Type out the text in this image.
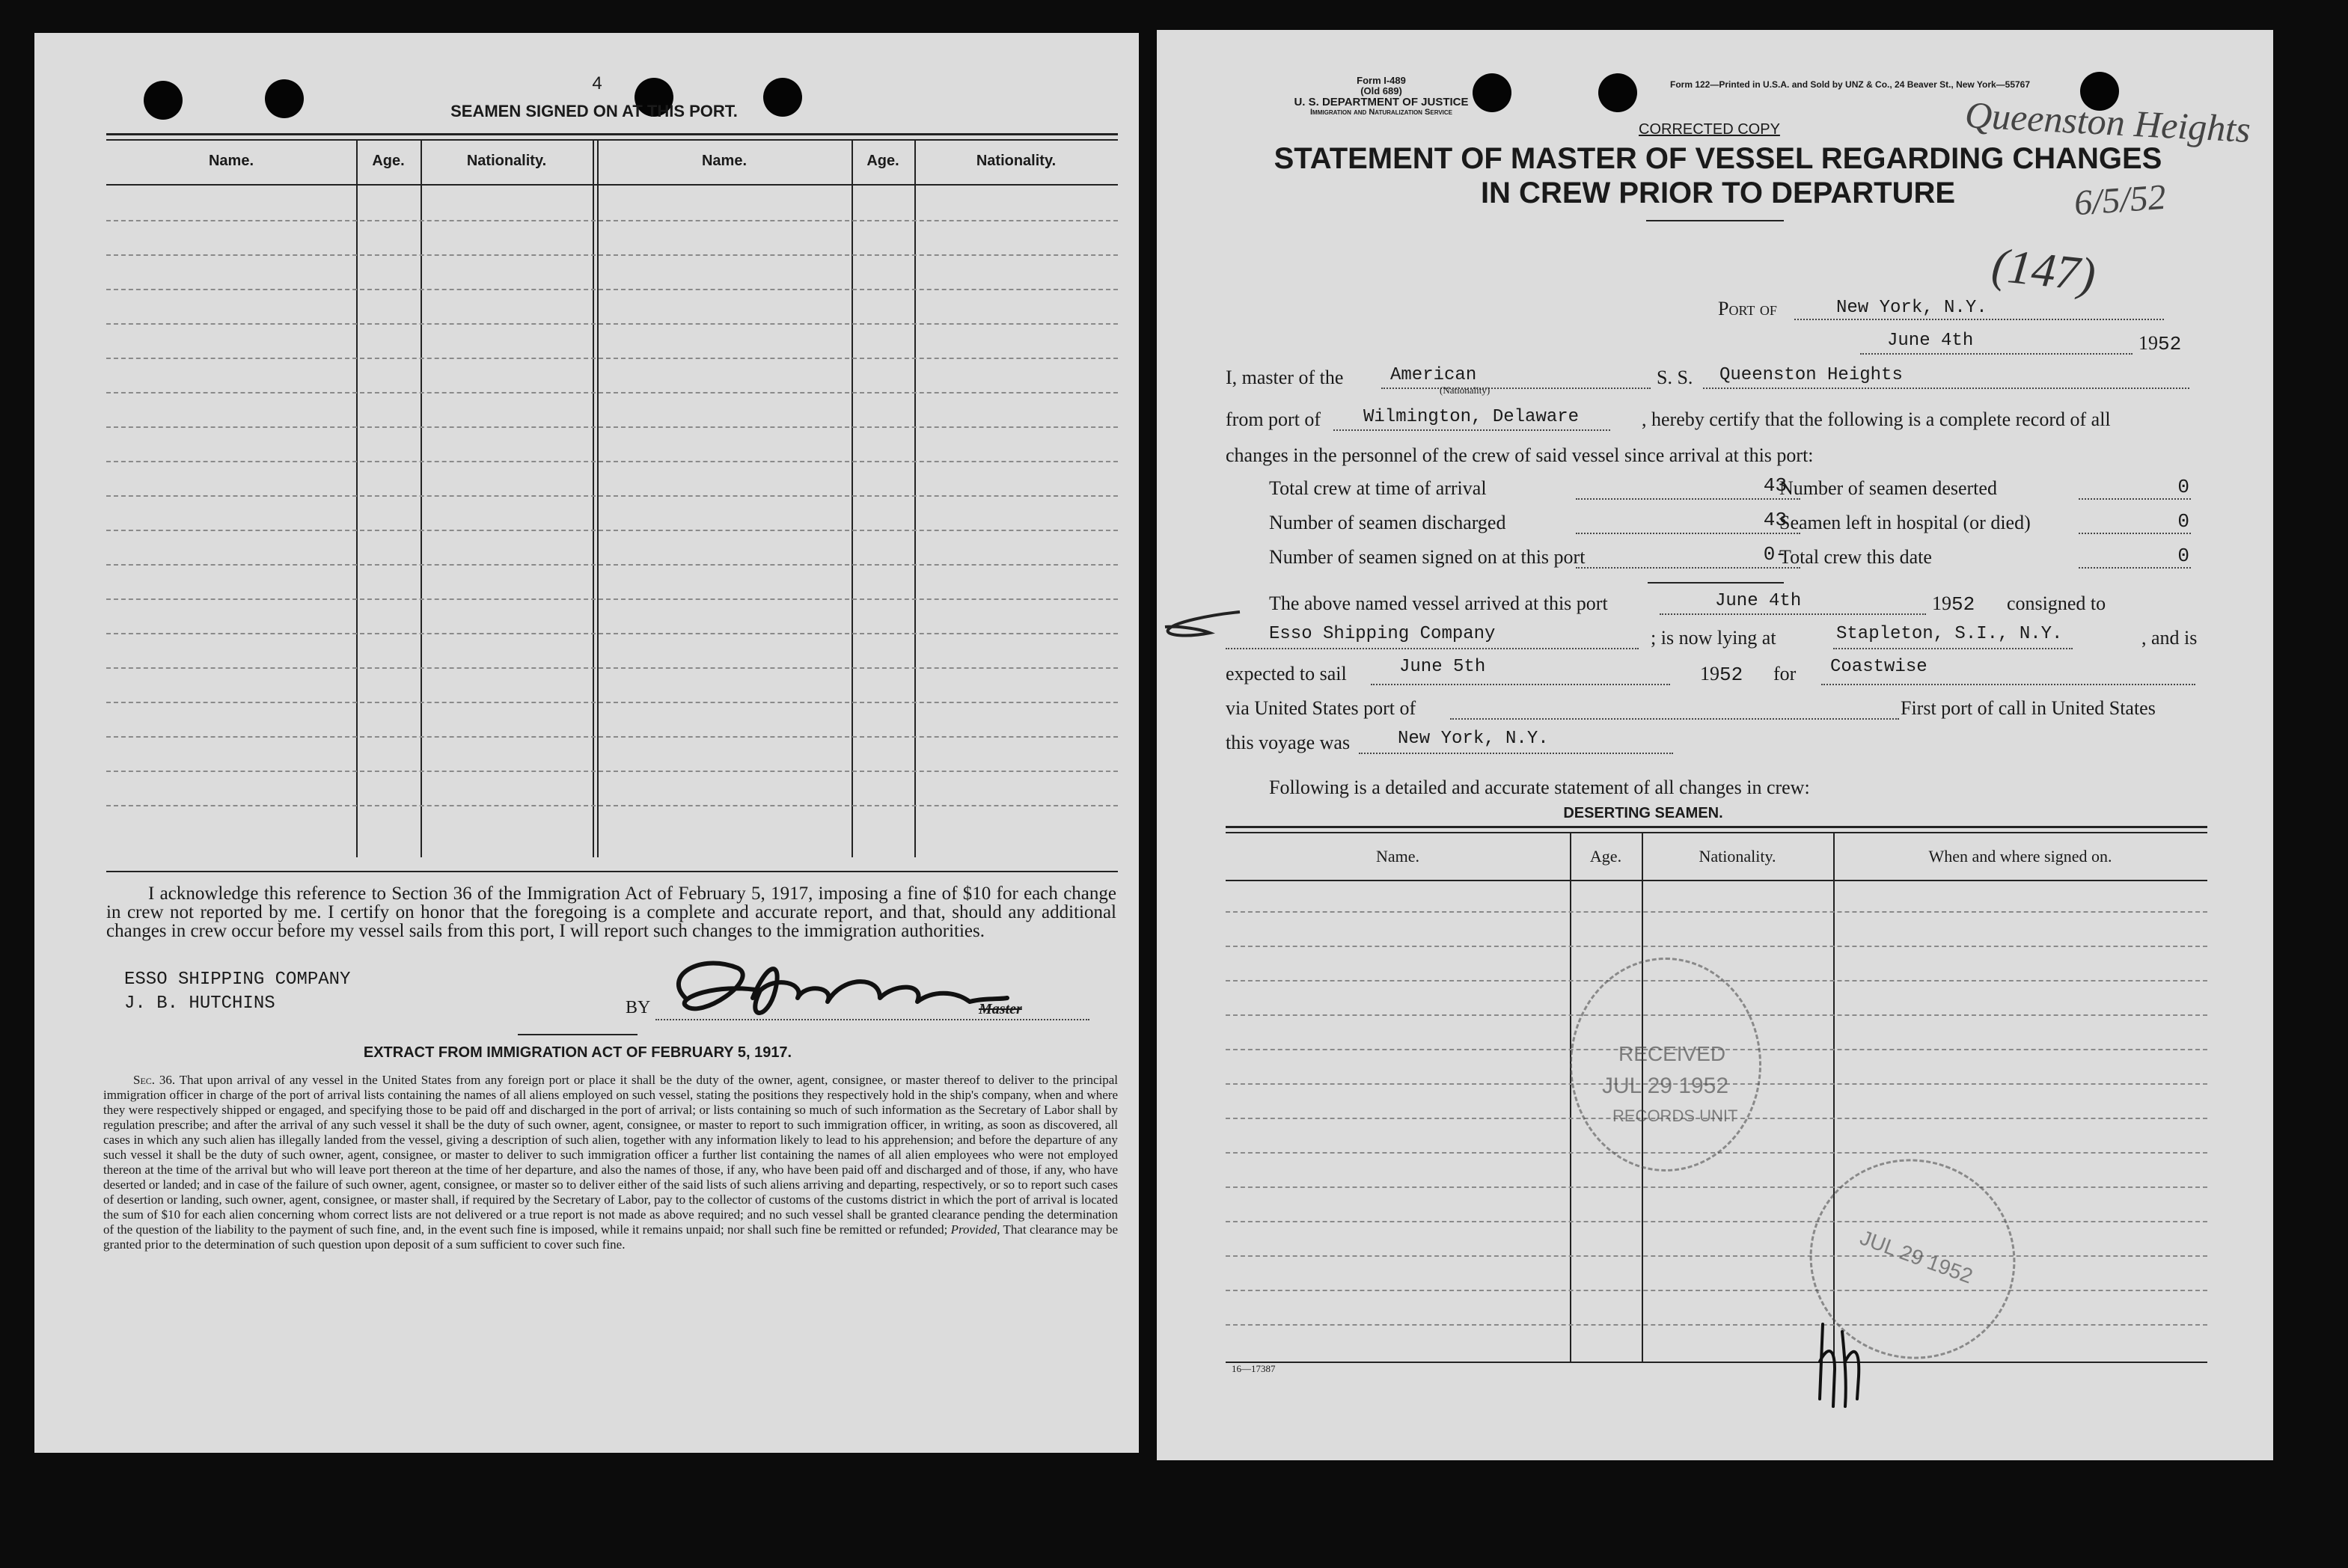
4
SEAMEN SIGNED ON AT THIS PORT.
Name.	Age.	Nationality.	Name.	Age.	Nationality.
I acknowledge this reference to Section 36 of the Immigration Act of February 5, 1917, imposing a fine of $10 for each change in crew not reported by me. I certify on honor that the foregoing is a complete and accurate report, and that, should any additional changes in crew occur before my vessel sails from this port, I will report such changes to the immigration authorities.
ESSO SHIPPING COMPANY
J. B. HUTCHINS	BY	Master
EXTRACT FROM IMMIGRATION ACT OF FEBRUARY 5, 1917.
Sec. 36. That upon arrival of any vessel in the United States from any foreign port or place it shall be the duty of the owner, agent, consignee, or master thereof to deliver to the principal immigration officer in charge of the port of arrival lists containing the names of all aliens employed on such vessel, stating the positions they respectively hold in the ship's company, when and where they were respectively shipped or engaged, and specifying those to be paid off and discharged in the port of arrival; or lists containing so much of such information as the Secretary of Labor shall by regulation prescribe; and after the arrival of any such vessel it shall be the duty of such owner, agent, consignee, or master to report to such immigration officer, in writing, as soon as discovered, all cases in which any such alien has illegally landed from the vessel, giving a description of such alien, together with any information likely to lead to his apprehension; and before the departure of any such vessel it shall be the duty of such owner, agent, consignee, or master to deliver to such immigration officer a further list containing the names of all alien employees who were not employed thereon at the time of the arrival but who will leave port thereon at the time of her departure, and also the names of those, if any, who have been paid off and discharged and of those, if any, who have deserted or landed; and in case of the failure of such owner, agent, consignee, or master so to deliver either of the said lists of such aliens arriving and departing, respectively, or so to report such cases of desertion or landing, such owner, agent, consignee, or master shall, if required by the Secretary of Labor, pay to the collector of customs of the customs district in which the port of arrival is located the sum of $10 for each alien concerning whom correct lists are not delivered or a true report is not made as above required; and no such vessel shall be granted clearance pending the determination of the question of the liability to the payment of such fine, and, in the event such fine is imposed, while it remains unpaid; nor shall such fine be remitted or refunded; Provided, That clearance may be granted prior to the determination of such question upon deposit of a sum sufficient to cover such fine.
Form I-489
(Old 689)
U. S. DEPARTMENT OF JUSTICE
Immigration and Naturalization Service
Form 122—Printed in U.S.A. and Sold by UNZ & Co., 24 Beaver St., New York—55767
CORRECTED COPY
STATEMENT OF MASTER OF VESSEL REGARDING CHANGES
IN CREW PRIOR TO DEPARTURE
Queenston Heights
6/5/52
(147)
Port of	New York, N.Y.
June 4th	1952
I, master of the	American
(Nationality)
S. S. Queenston Heights
from port of Wilmington, Delaware	, hereby certify that the following is a complete record of all
changes in the personnel of the crew of said vessel since arrival at this port:
Total crew at time of arrival	43
Number of seamen deserted	0
Number of seamen discharged	43
Seamen left in hospital (or died)	0
Number of seamen signed on at this port	0-
Total crew this date	0
The above named vessel arrived at this port	June 4th	1952 consigned to
Esso Shipping Company	; is now lying at	Stapleton, S.I., N.Y.	, and is
expected to sail	June 5th	1952 for Coastwise
via United States port of	First port of call in United States
this voyage was	New York, N.Y.
Following is a detailed and accurate statement of all changes in crew:
DESERTING SEAMEN.
Name.	Age.	Nationality.	When and where signed on.
RECEIVED
JUL 29 1952
RECORDS UNIT
JUL 29 1952
16—17387
